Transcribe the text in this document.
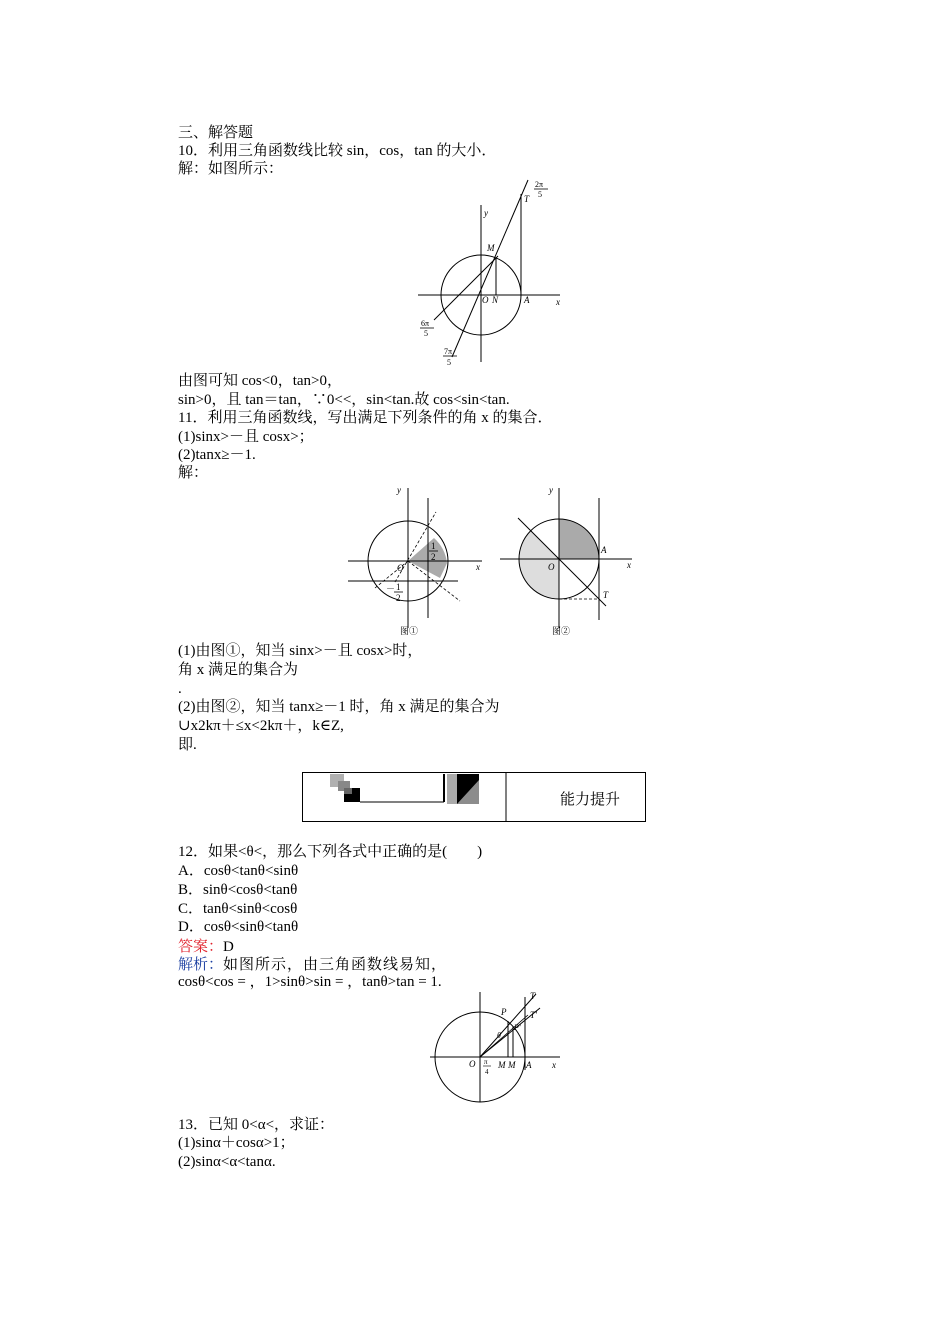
三、解答题
10．利用三角函数线比较 sin，cos，tan 的大小．
解：如图所示：
y
x
O N	A
M
T
2π
5
6π
5
7π
5
由图可知 cos<0，tan>0，
sin>0，且 tan＝tan，∵0<<，sin<tan.故 cos<sin<tan.
11．利用三角函数线，写出满足下列条件的角 x 的集合．
(1)sinx>－且 cosx>；
(2)tanx≥－1.
解：
y
x
O
1
2
－ 1
2
图①
y
x
O
A
T
图②
(1)由图①，知当 sinx>－且 cosx>时，
角 x 满足的集合为
.
(2)由图②，知当 tanx≥－1 时，角 x 满足的集合为
∪x2kπ＋≤x<2kπ＋，k∈Z,
即.
能力提升
12．如果<θ<，那么下列各式中正确的是(　　)
A．cosθ<tanθ<sinθ
B．sinθ<cosθ<tanθ
C．tanθ<sinθ<cosθ
D．cosθ<sinθ<tanθ
答案：D
解析：如图所示，由三角函数线易知，
cosθ<cos = ，1>sinθ>sin = ，tanθ>tan = 1.
O	M M A x
P
P′
T
T′
θ
π
4
13．已知 0<α<，求证：
(1)sinα＋cosα>1；
(2)sinα<α<tanα.
